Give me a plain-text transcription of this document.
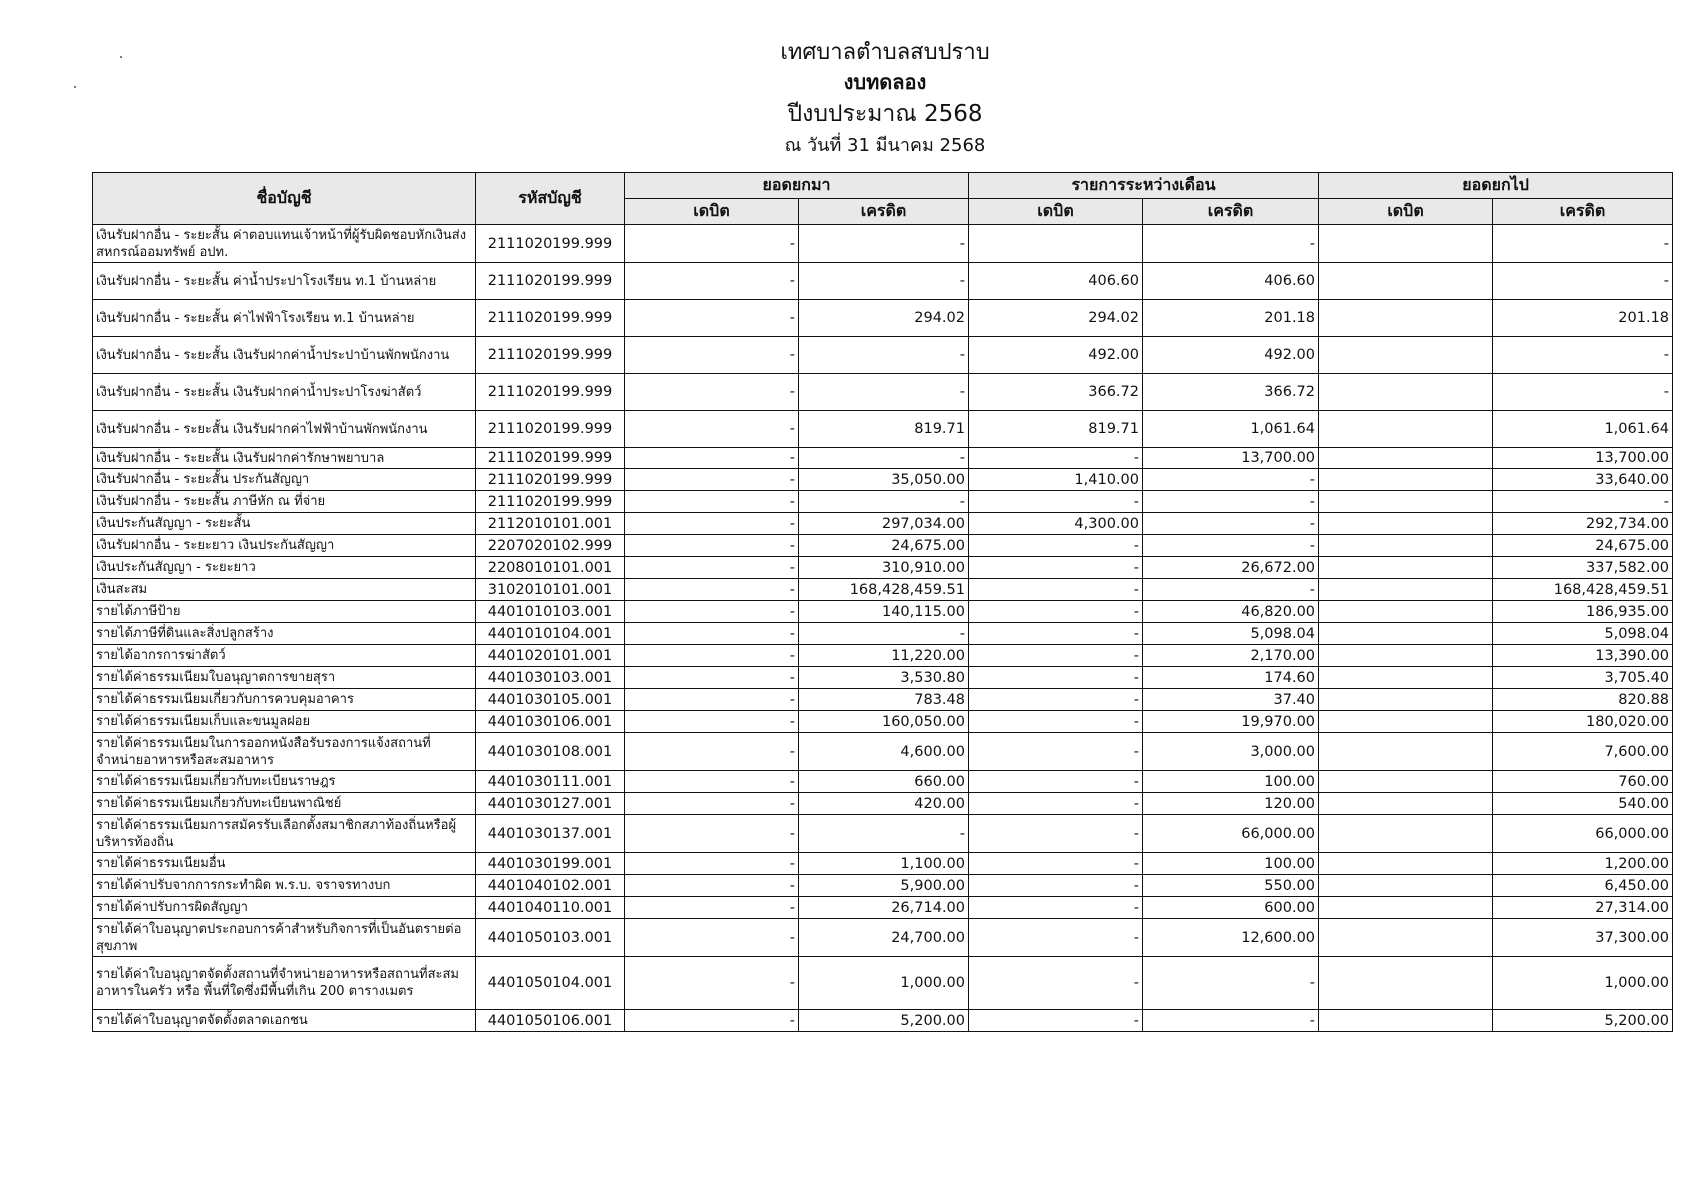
เทศบาลตำบลสบปราบ
งบทดลอง
ปีงบประมาณ 2568
ณ วันที่ 31 มีนาคม 2568
ชื่อบัญชี	รหัสบัญชี	ยอดยกมา		รายการระหว่างเดือน		ยอดยกไป	
		เดบิต	เครดิต	เดบิต	เครดิต	เดบิต	เครดิต
เงินรับฝากอื่น - ระยะสั้น ค่าตอบแทนเจ้าหน้าที่ผู้รับผิดชอบหักเงินส่งสหกรณ์ออมทรัพย์ อปท.	2111020199.999	-	-		-		-
เงินรับฝากอื่น - ระยะสั้น ค่าน้ำประปาโรงเรียน ท.1 บ้านหล่าย	2111020199.999	-	-	406.60	406.60		-
เงินรับฝากอื่น - ระยะสั้น ค่าไฟฟ้าโรงเรียน ท.1 บ้านหล่าย	2111020199.999	-	294.02	294.02	201.18		201.18
เงินรับฝากอื่น - ระยะสั้น เงินรับฝากค่าน้ำประปาบ้านพักพนักงาน	2111020199.999	-	-	492.00	492.00		-
เงินรับฝากอื่น - ระยะสั้น เงินรับฝากค่าน้ำประปาโรงฆ่าสัตว์	2111020199.999	-	-	366.72	366.72		-
เงินรับฝากอื่น - ระยะสั้น เงินรับฝากค่าไฟฟ้าบ้านพักพนักงาน	2111020199.999	-	819.71	819.71	1,061.64		1,061.64
เงินรับฝากอื่น - ระยะสั้น เงินรับฝากค่ารักษาพยาบาล	2111020199.999	-	-	-	13,700.00		13,700.00
เงินรับฝากอื่น - ระยะสั้น ประกันสัญญา	2111020199.999	-	35,050.00	1,410.00	-		33,640.00
เงินรับฝากอื่น - ระยะสั้น ภาษีหัก ณ ที่จ่าย	2111020199.999	-	-	-	-		-
เงินประกันสัญญา - ระยะสั้น	2112010101.001	-	297,034.00	4,300.00	-		292,734.00
เงินรับฝากอื่น - ระยะยาว เงินประกันสัญญา	2207020102.999	-	24,675.00	-	-		24,675.00
เงินประกันสัญญา - ระยะยาว	2208010101.001	-	310,910.00	-	26,672.00		337,582.00
เงินสะสม	3102010101.001	-	168,428,459.51	-	-		168,428,459.51
รายได้ภาษีป้าย	4401010103.001	-	140,115.00	-	46,820.00		186,935.00
รายได้ภาษีที่ดินและสิ่งปลูกสร้าง	4401010104.001	-	-	-	5,098.04		5,098.04
รายได้อากรการฆ่าสัตว์	4401020101.001	-	11,220.00	-	2,170.00		13,390.00
รายได้ค่าธรรมเนียมใบอนุญาตการขายสุรา	4401030103.001	-	3,530.80	-	174.60		3,705.40
รายได้ค่าธรรมเนียมเกี่ยวกับการควบคุมอาคาร	4401030105.001	-	783.48	-	37.40		820.88
รายได้ค่าธรรมเนียมเก็บและขนมูลฝอย	4401030106.001	-	160,050.00	-	19,970.00		180,020.00
รายได้ค่าธรรมเนียมในการออกหนังสือรับรองการแจ้งสถานที่จำหน่ายอาหารหรือสะสมอาหาร	4401030108.001	-	4,600.00	-	3,000.00		7,600.00
รายได้ค่าธรรมเนียมเกี่ยวกับทะเบียนราษฎร	4401030111.001	-	660.00	-	100.00		760.00
รายได้ค่าธรรมเนียมเกี่ยวกับทะเบียนพาณิชย์	4401030127.001	-	420.00	-	120.00		540.00
รายได้ค่าธรรมเนียมการสมัครรับเลือกตั้งสมาชิกสภาท้องถิ่นหรือผู้บริหารท้องถิ่น	4401030137.001	-	-	-	66,000.00		66,000.00
รายได้ค่าธรรมเนียมอื่น	4401030199.001	-	1,100.00	-	100.00		1,200.00
รายได้ค่าปรับจากการกระทำผิด พ.ร.บ. จราจรทางบก	4401040102.001	-	5,900.00	-	550.00		6,450.00
รายได้ค่าปรับการผิดสัญญา	4401040110.001	-	26,714.00	-	600.00		27,314.00
รายได้ค่าใบอนุญาตประกอบการค้าสำหรับกิจการที่เป็นอันตรายต่อสุขภาพ	4401050103.001	-	24,700.00	-	12,600.00		37,300.00
รายได้ค่าใบอนุญาตจัดตั้งสถานที่จำหน่ายอาหารหรือสถานที่สะสมอาหารในครัว หรือ พื้นที่ใดซึ่งมีพื้นที่เกิน 200 ตารางเมตร	4401050104.001	-	1,000.00	-	-		1,000.00
รายได้ค่าใบอนุญาตจัดตั้งตลาดเอกชน	4401050106.001	-	5,200.00	-	-		5,200.00
